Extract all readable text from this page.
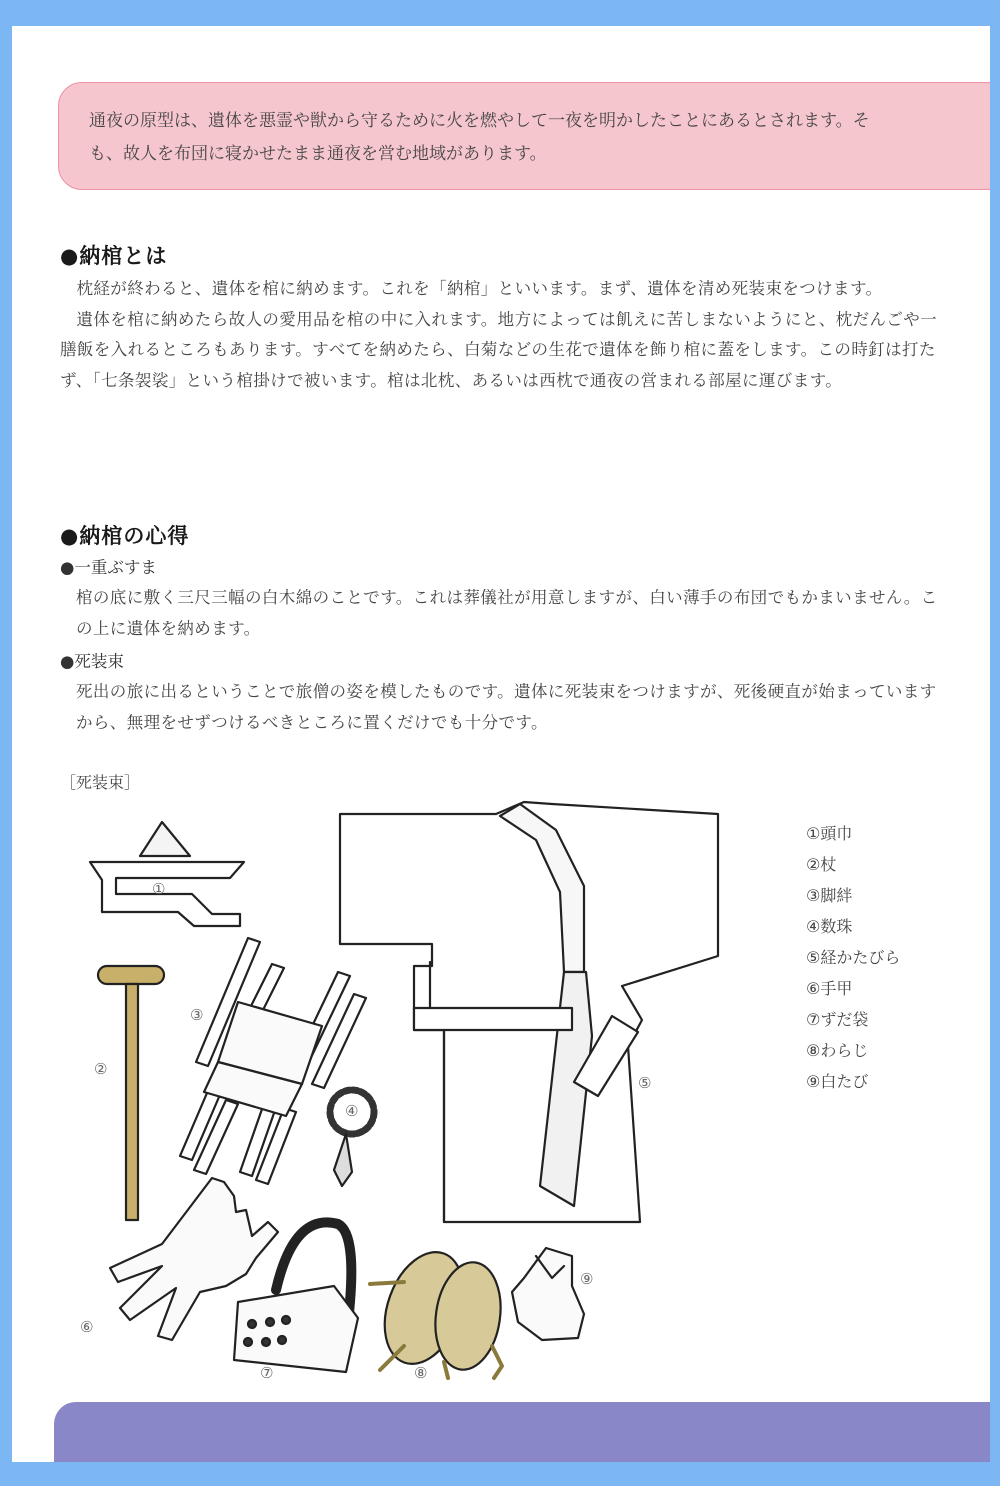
通夜の原型は、遺体を悪霊や獣から守るために火を燃やして一夜を明かしたことにあるとされます。そ
も、故人を布団に寝かせたまま通夜を営む地域があります。
●納棺とは

枕経が終わると、遺体を棺に納めます。これを「納棺」といいます。まず、遺体を清め死装束をつけます。

遺体を棺に納めたら故人の愛用品を棺の中に入れます。地方によっては飢えに苦しまないようにと、枕だんごや一膳飯を入れるところもあります。すべてを納めたら、白菊などの生花で遺体を飾り棺に蓋をします。この時釘は打たず、「七条袈裟」という棺掛けで被います。棺は北枕、あるいは西枕で通夜の営まれる部屋に運びます。

●納棺の心得
●一重ぶすま
棺の底に敷く三尺三幅の白木綿のことです。これは葬儀社が用意しますが、白い薄手の布団でもかまいません。この上に遺体を納めます。
●死装束
死出の旅に出るということで旅僧の姿を模したものです。遺体に死装束をつけますが、死後硬直が始まっていますから、無理をせずつけるべきところに置くだけでも十分です。
［死装束］
①
②
③
④
⑤
⑥
⑦	⑧
⑨
①頭巾
②杖
③脚絆
④数珠
⑤経かたびら
⑥手甲
⑦ずだ袋
⑧わらじ
⑨白たび
